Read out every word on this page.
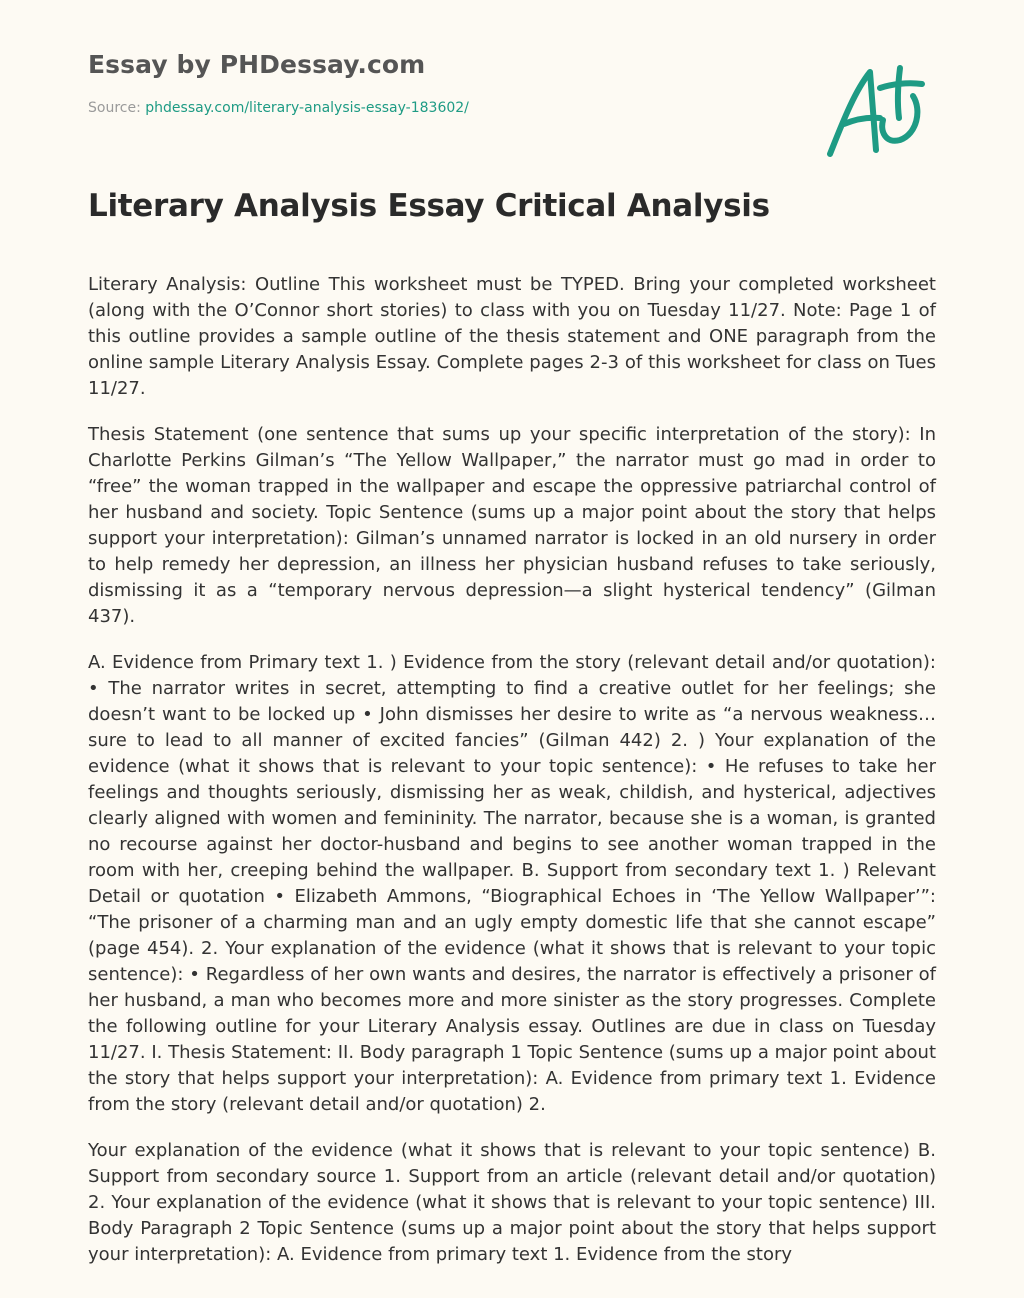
Essay by PHDessay.com
Source: phdessay.com/literary-analysis-essay-183602/
Literary Analysis Essay Critical Analysis

Literary Analysis: Outline This worksheet must be TYPED. Bring your completed worksheet (along with the O’Connor short stories) to class with you on Tuesday 11/27. Note: Page 1 of this outline provides a sample outline of the thesis statement and ONE paragraph from the online sample Literary Analysis Essay. Complete pages 2-3 of this worksheet for class on Tues 11/27.

Thesis Statement (one sentence that sums up your specific interpretation of the story): In Charlotte Perkins Gilman’s “The Yellow Wallpaper,” the narrator must go mad in order to “free” the woman trapped in the wallpaper and escape the oppressive patriarchal control of her husband and society. Topic Sentence (sums up a major point about the story that helps support your interpretation): Gilman’s unnamed narrator is locked in an old nursery in order to help remedy her depression, an illness her physician husband refuses to take seriously, dismissing it as a “temporary nervous depression—a slight hysterical tendency” (Gilman 437).

A. Evidence from Primary text 1. ) Evidence from the story (relevant detail and/or quotation): • The narrator writes in secret, attempting to find a creative outlet for her feelings; she doesn’t want to be locked up • John dismisses her desire to write as “a nervous weakness… sure to lead to all manner of excited fancies” (Gilman 442) 2. ) Your explanation of the evidence (what it shows that is relevant to your topic sentence): • He refuses to take her feelings and thoughts seriously, dismissing her as weak, childish, and hysterical, adjectives clearly aligned with women and femininity. The narrator, because she is a woman, is granted no recourse against her doctor-husband and begins to see another woman trapped in the room with her, creeping behind the wallpaper. B. Support from secondary text 1. ) Relevant Detail or quotation • Elizabeth Ammons, “Biographical Echoes in ‘The Yellow Wallpaper’”: “The prisoner of a charming man and an ugly empty domestic life that she cannot escape” (page 454). 2. Your explanation of the evidence (what it shows that is relevant to your topic sentence): • Regardless of her own wants and desires, the narrator is effectively a prisoner of her husband, a man who becomes more and more sinister as the story progresses. Complete the following outline for your Literary Analysis essay. Outlines are due in class on Tuesday 11/27. I. Thesis Statement: II. Body paragraph 1 Topic Sentence (sums up a major point about the story that helps support your interpretation): A. Evidence from primary text 1. Evidence from the story (relevant detail and/or quotation) 2.

Your explanation of the evidence (what it shows that is relevant to your topic sentence) B. Support from secondary source 1. Support from an article (relevant detail and/or quotation) 2. Your explanation of the evidence (what it shows that is relevant to your topic sentence) III. Body Paragraph 2 Topic Sentence (sums up a major point about the story that helps support your interpretation): A. Evidence from primary text 1. Evidence from the story
